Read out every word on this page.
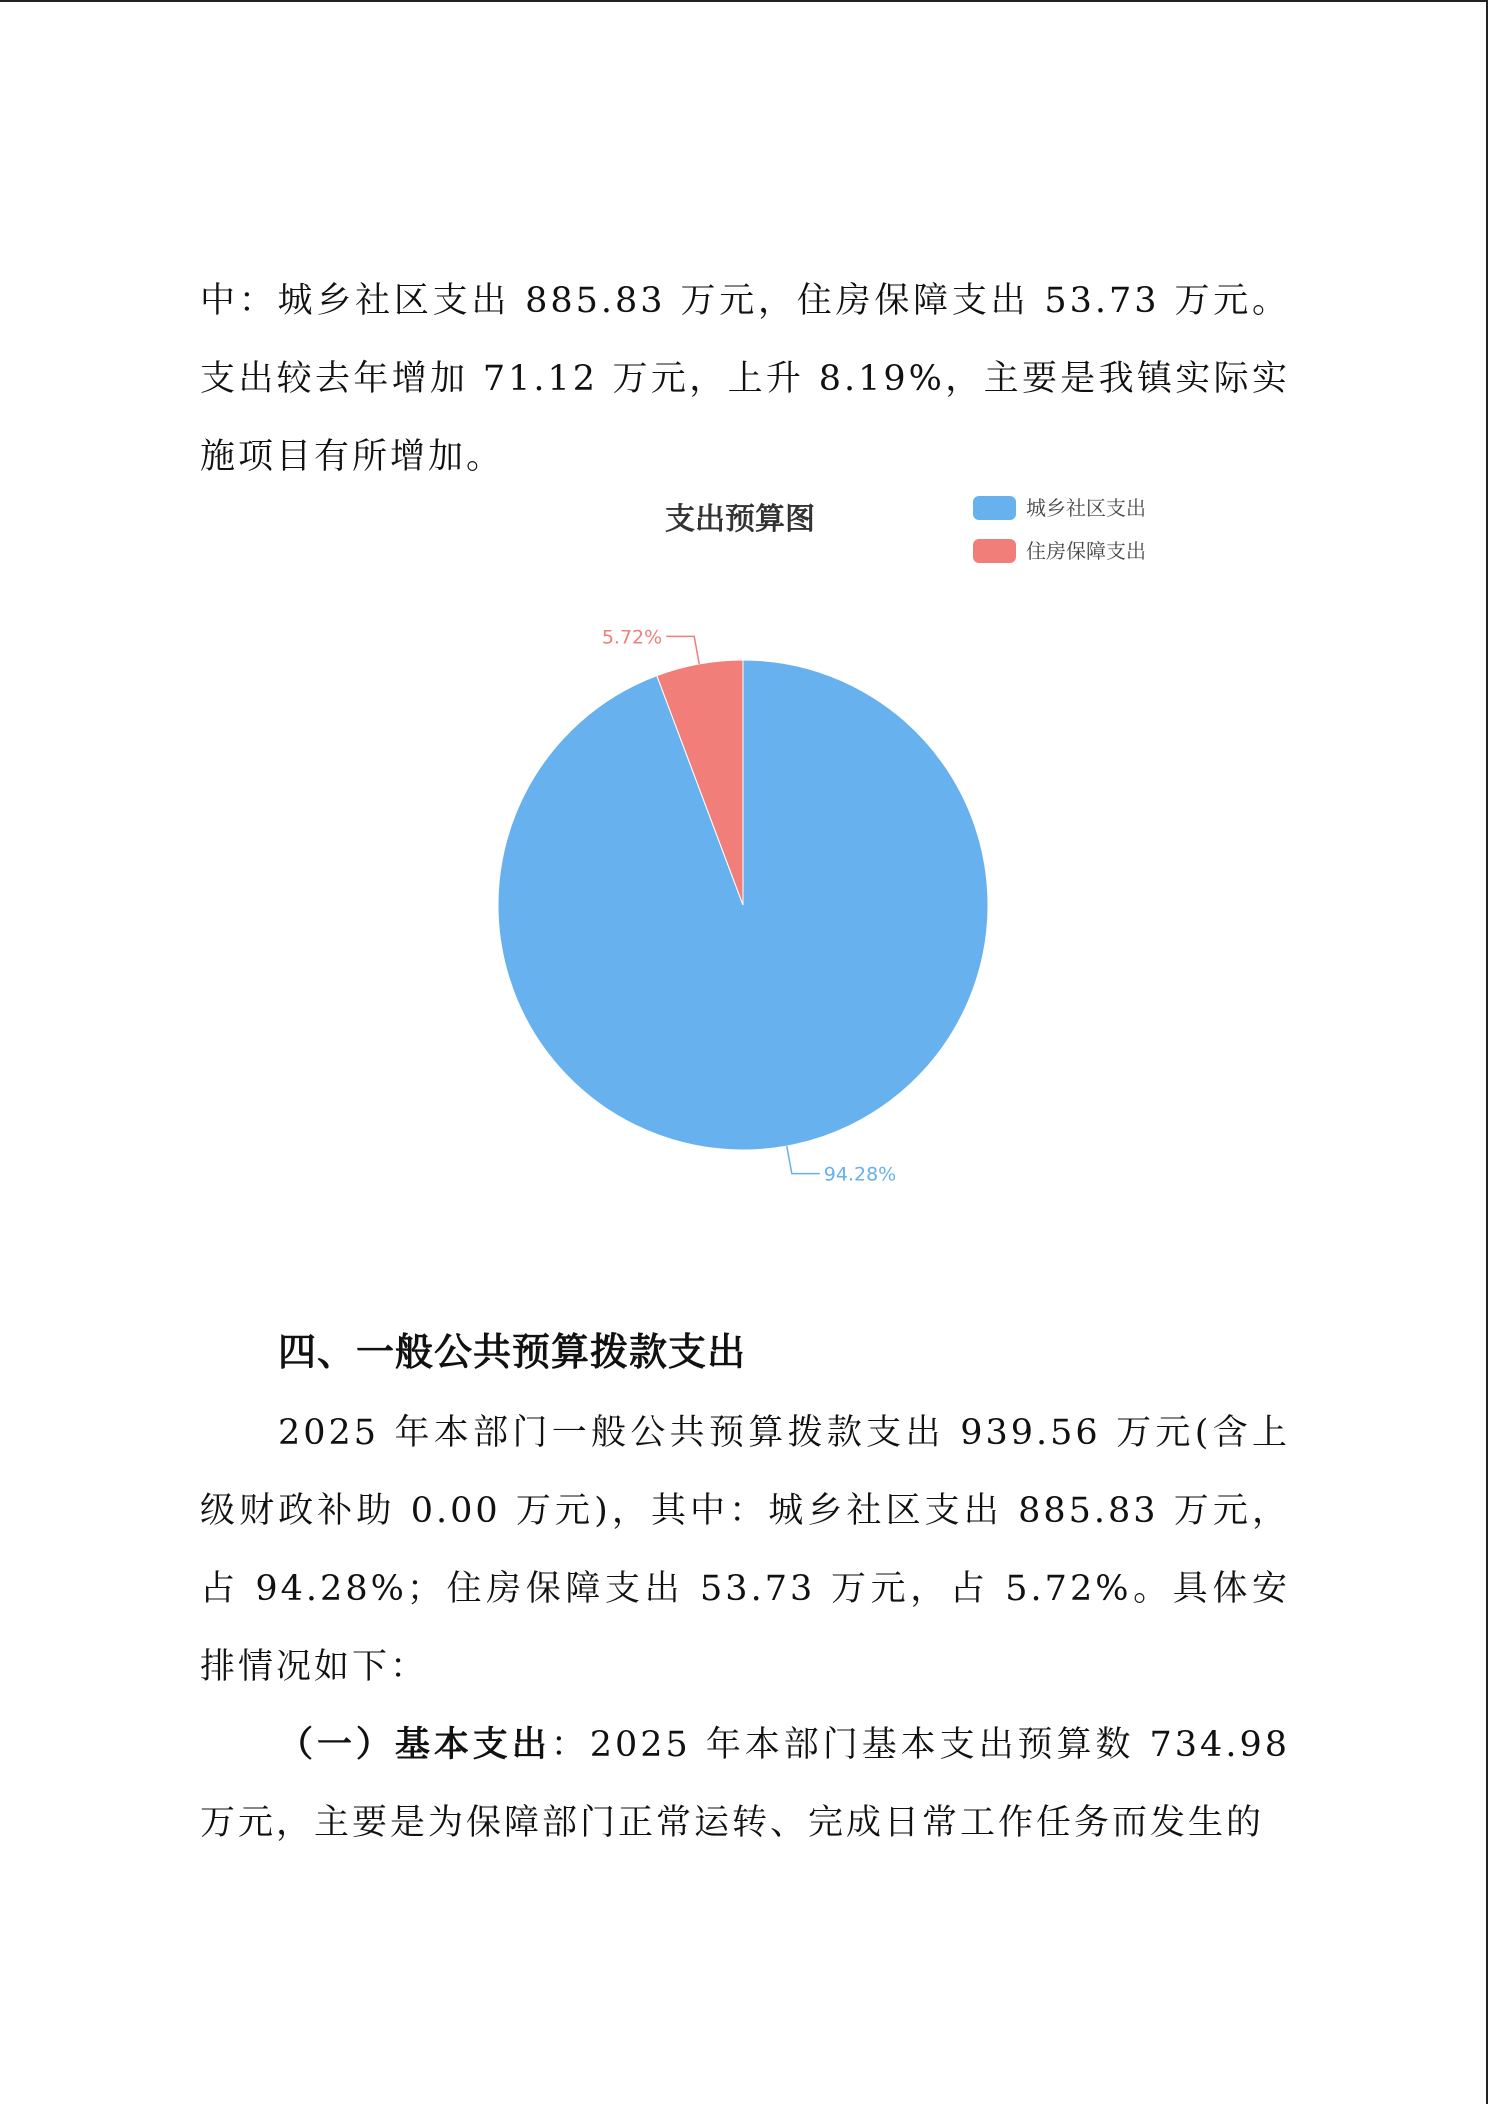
中：城乡社区支出 885.83 万元，住房保障支出 53.73 万元。支出较去年增加 71.12 万元，上升 8.19%，主要是我镇实际实施项目有所增加。
支出预算图	城乡社区支出
住房保障支出
94.28%
5.72%
四、一般公共预算拨款支出
2025 年本部门一般公共预算拨款支出 939.56 万元(含上级财政补助 0.00 万元)，其中：城乡社区支出 885.83 万元，占 94.28%；住房保障支出 53.73 万元，占 5.72%。具体安排情况如下：
（一）基本支出：2025 年本部门基本支出预算数 734.98 万元，主要是为保障部门正常运转、完成日常工作任务而发生的
